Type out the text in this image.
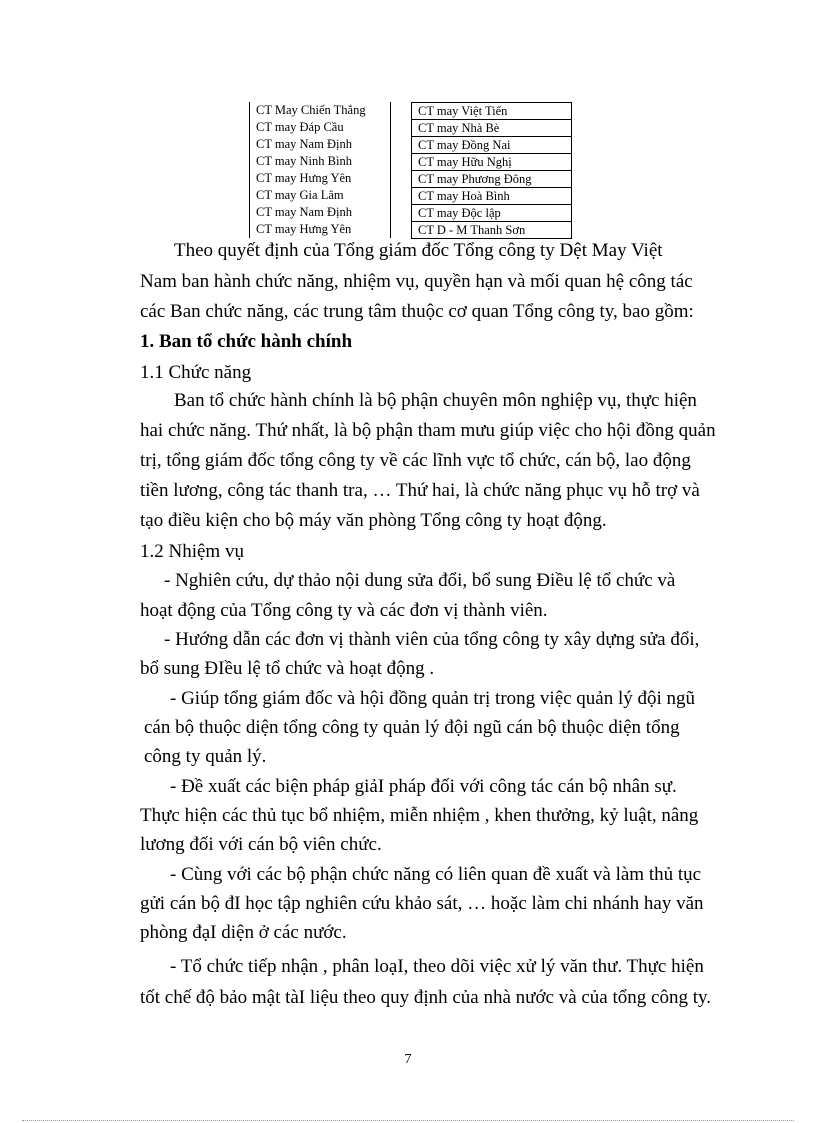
CT May Chiến Thắng
CT may Đáp Cầu
CT may Nam Định
CT may Ninh Bình
CT may Hưng Yên
CT may Gia Lâm
CT may Nam Định
CT may Hưng Yên
CT may Việt Tiến
CT may Nhà Bè
CT may Đồng Nai
CT may Hữu Nghị
CT may Phương Đông
CT may Hoà Bình
CT may Độc lập
CT D - M Thanh Sơn
Theo quyết định của Tổng giám đốc Tổng công ty Dệt May Việt
Nam ban hành chức năng, nhiệm vụ, quyền hạn và mối quan hệ công tác
các Ban chức năng, các trung tâm thuộc cơ quan Tổng công ty, bao gồm:
1. Ban tổ chức hành chính
1.1 Chức năng
Ban tổ chức hành chính là bộ phận chuyên môn nghiệp vụ, thực hiện
hai chức năng. Thứ nhất, là bộ phận tham mưu giúp việc cho hội đồng quản
trị, tổng giám đốc tổng công ty về các lĩnh vực tổ chức, cán bộ, lao động
tiền lương, công tác thanh tra, … Thứ hai, là chức năng phục vụ hỗ trợ và
tạo điều kiện cho bộ máy văn phòng Tổng công ty hoạt động.
1.2 Nhiệm vụ
- Nghiên cứu, dự thảo nội dung sửa đổi, bổ sung Điều lệ tổ chức và
hoạt động của Tổng công ty và các đơn vị thành viên.
- Hướng dẫn các đơn vị thành viên của tổng công ty xây dựng sửa đổi,
bổ sung ĐIều lệ tổ chức và hoạt động .
- Giúp tổng giám đốc và hội đồng quản trị trong việc quản lý đội ngũ
cán bộ thuộc diện tổng công ty quản lý đội ngũ cán bộ thuộc diện tổng
công ty quản lý.
- Đề xuất các biện pháp giảI pháp đối với công tác cán bộ nhân sự.
Thực hiện các thủ tục bổ nhiệm, miễn nhiệm , khen thưởng, kỷ luật, nâng
lương đối với cán bộ viên chức.
- Cùng với các bộ phận chức năng có liên quan đề xuất và làm thủ tục
gửi cán bộ đI học tập nghiên cứu khảo sát, … hoặc làm chi nhánh hay văn
phòng đạI diện ở các nước.
- Tổ chức tiếp nhận , phân loạI, theo dõi việc xử lý văn thư. Thực hiện
tốt chế độ bảo mật tàI liệu theo quy định của nhà nước và của tổng công ty.
7
